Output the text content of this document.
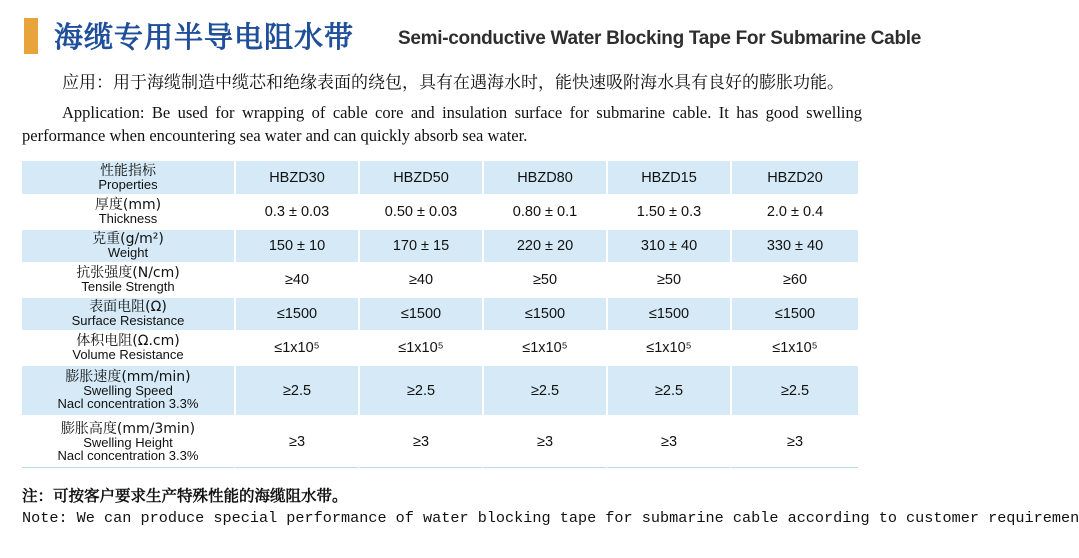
海缆专用半导电阻水带 Semi-conductive Water Blocking Tape For Submarine Cable
应用：用于海缆制造中缆芯和绝缘表面的绕包，具有在遇海水时，能快速吸附海水具有良好的膨胀功能。
Application: Be used for wrapping of cable core and insulation surface for submarine cable. It has good swelling performance when encountering sea water and can quickly absorb sea water.
性能指标
Properties	HBZD30	HBZD50	HBZD80	HBZD15	HBZD20

厚度(mm)
Thickness	0.3 ± 0.03	0.50 ± 0.03	0.80 ± 0.1	1.50 ± 0.3	2.0 ± 0.4

克重(g/m²)
Weight	150 ± 10	170 ± 15	220 ± 20	310 ± 40	330 ± 40

抗张强度(N/cm)
Tensile Strength	≥40	≥40	≥50	≥50	≥60

表面电阻(Ω)
Surface Resistance	≤1500	≤1500	≤1500	≤1500	≤1500

体积电阻(Ω.cm)
Volume Resistance	≤1x10⁵	≤1x10⁵	≤1x10⁵	≤1x10⁵	≤1x10⁵

膨胀速度(mm/min)
Swelling Speed
Nacl concentration 3.3%	≥2.5	≥2.5	≥2.5	≥2.5	≥2.5

膨胀高度(mm/3min)
Swelling Height
Nacl concentration 3.3%	≥3	≥3	≥3	≥3	≥3
注：可按客户要求生产特殊性能的海缆阻水带。
Note: We can produce special performance of water blocking tape for submarine cable according to customer requiremen
